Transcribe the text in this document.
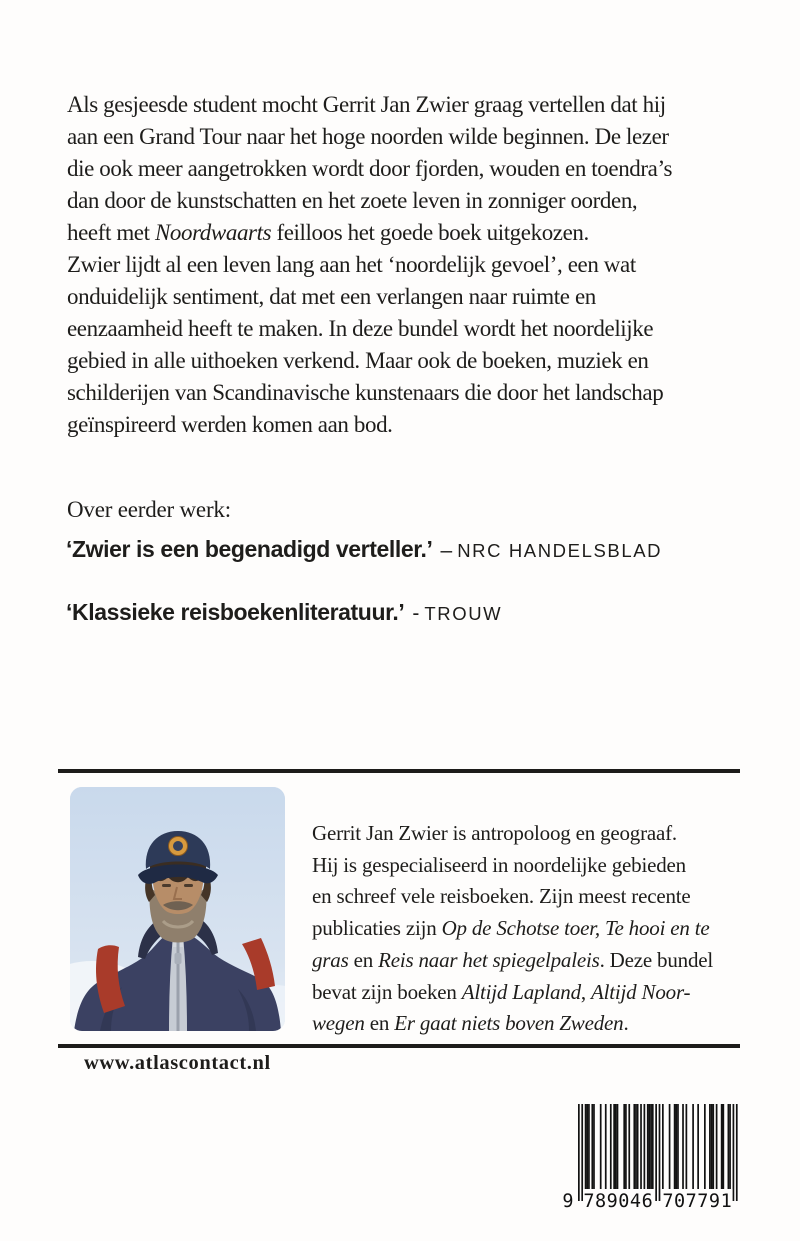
Als gesjeesde student mocht Gerrit Jan Zwier graag vertellen dat hij
aan een Grand Tour naar het hoge noorden wilde beginnen. De lezer
die ook meer aangetrokken wordt door fjorden, wouden en toendra’s
dan door de kunstschatten en het zoete leven in zonniger oorden,
heeft met Noordwaarts feilloos het goede boek uitgekozen.
Zwier lijdt al een leven lang aan het ‘noordelijk gevoel’, een wat
onduidelijk sentiment, dat met een verlangen naar ruimte en
eenzaamheid heeft te maken. In deze bundel wordt het noordelijke
gebied in alle uithoeken verkend. Maar ook de boeken, muziek en
schilderijen van Scandinavische kunstenaars die door het landschap
geïnspireerd werden komen aan bod.

Over eerder werk:

‘Zwier is een begenadigd verteller.’ – NRC HANDELSBLAD
‘Klassieke reisboekenliteratuur.’ - TROUW

Gerrit Jan Zwier is antropoloog en geograaf.
Hij is gespecialiseerd in noordelijke gebieden
en schreef vele reisboeken. Zijn meest recente
publicaties zijn Op de Schotse toer, Te hooi en te
gras en Reis naar het spiegelpaleis. Deze bundel
bevat zijn boeken Altijd Lapland, Altijd Noor-
wegen en Er gaat niets boven Zweden.

www.atlascontact.nl
9 789046 707791
